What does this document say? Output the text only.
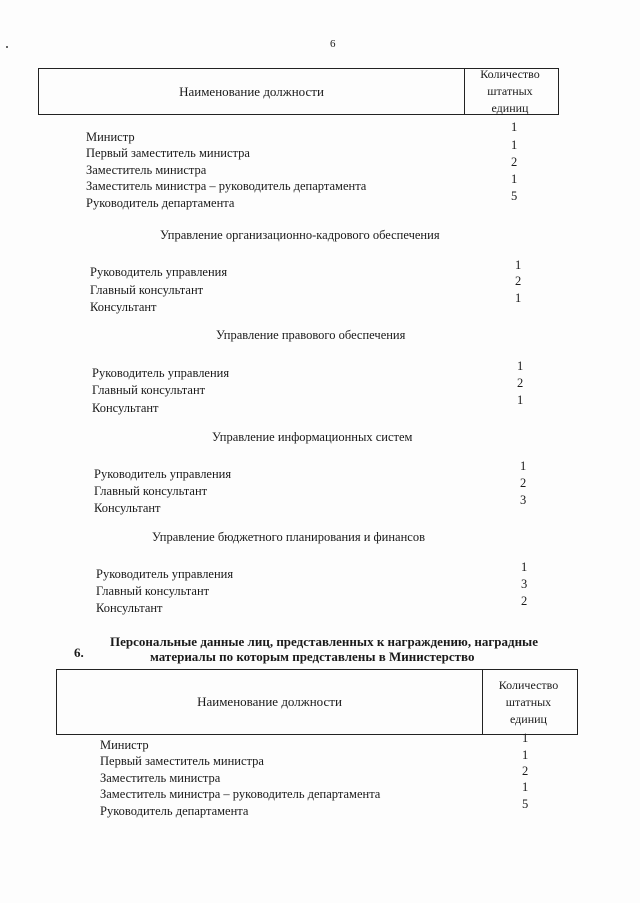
6
Наименование должности
Количество
штатных
единиц
Министр
Первый заместитель министра
Заместитель министра
Заместитель министра – руководитель департамента
Руководитель департамента
1
1
2
1
5
Управление организационно-кадрового обеспечения
Руководитель управления
Главный консультант
Консультант
1
2
1
Управление правового обеспечения
Руководитель управления
Главный консультант
Консультант
1
2
1
Управление информационных систем
Руководитель управления
Главный консультант
Консультант
1
2
3
Управление бюджетного планирования и финансов
Руководитель управления
Главный консультант
Консультант
1
3
2
6.
Персональные данные лиц, представленных к награждению, наградные
материалы по которым представлены в Министерство
Наименование должности
Количество
штатных
единиц
Министр
Первый заместитель министра
Заместитель министра
Заместитель министра – руководитель департамента
Руководитель департамента
1
1
2
1
5
